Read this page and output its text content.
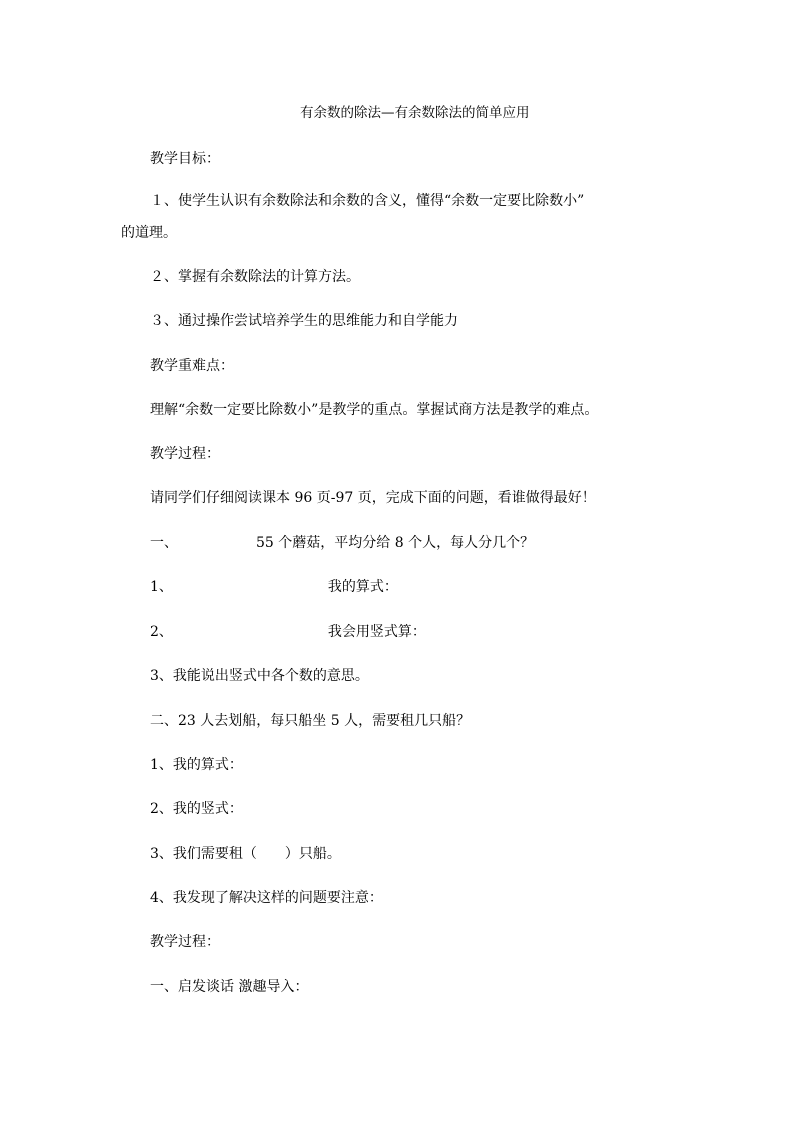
有余数的除法—有余数除法的简单应用
教学目标：
１、使学生认识有余数除法和余数的含义，懂得“余数一定要比除数小”
的道理。
２、掌握有余数除法的计算方法。
３、通过操作尝试培养学生的思维能力和自学能力
教学重难点：
理解“余数一定要比除数小”是教学的重点。掌握试商方法是教学的难点。
教学过程：
请同学们仔细阅读课本 96 页-97 页，完成下面的问题，看谁做得最好！
一、	55 个蘑菇，平均分给 8 个人，每人分几个？
1、	我的算式：
2、	我会用竖式算：
3、我能说出竖式中各个数的意思。
二、23 人去划船，每只船坐 5 人，需要租几只船？
1、我的算式：
2、我的竖式：
3、我们需要租（　　）只船。
4、我发现了解决这样的问题要注意：
教学过程：
一、启发谈话 激趣导入：
